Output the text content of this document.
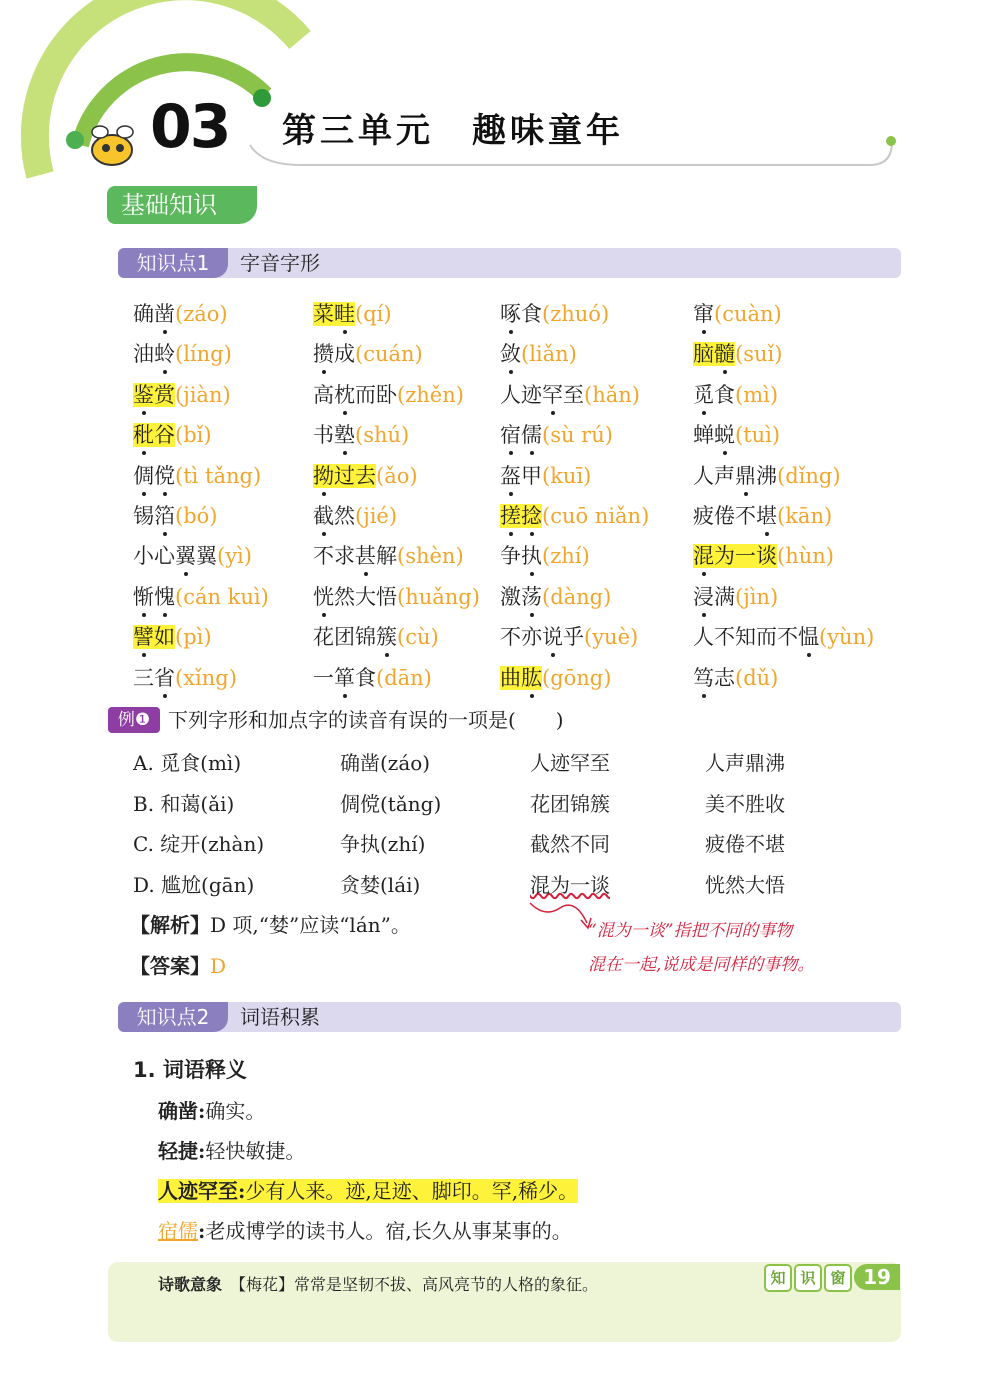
03 第三单元　趣味童年
基础知识
知识点1	字音字形
确凿(záo)	菜畦(qí)	啄食(zhuó)	窜(cuàn)
油蛉(líng)	攒成(cuán)	敛(liǎn)	脑髓(suǐ)
鉴赏(jiàn)	高枕而卧(zhěn) 人迹罕至(hǎn)	觅食(mì)
秕谷(bǐ)	书塾(shú)	宿儒(sù rú)	蝉蜕(tuì)
倜傥(tì tǎng) 拗过去(ǎo)	盔甲(kuī)	人声鼎沸(dǐng)
锡箔(bó)	截然(jié)	搓捻(cuō niǎn) 疲倦不堪(kān)
小心翼翼(yì)	不求甚解(shèn) 争执(zhí)	混为一谈(hùn)
惭愧(cán kuì) 恍然大悟(huǎng) 激荡(dàng)	浸满(jìn)
譬如(pì)	花团锦簇(cù)	不亦说乎(yuè)	人不知而不愠(yùn)
三省(xǐng)	一箪食(dān)	曲肱(gōng)	笃志(dǔ)
例❶ 下列字形和加点字的读音有误的一项是(　　)
A. 觅食(mì)	确凿(záo)	人迹罕至	人声鼎沸
B. 和蔼(ǎi)	倜傥(tǎng)	花团锦簇	美不胜收
C. 绽开(zhàn)	争执(zhí)	截然不同	疲倦不堪
D. 尴尬(gān)	贪婪(lái)	混为一谈	恍然大悟
【解析】D 项,“婪”应读“lán”。
【答案】D
“混为一谈”指把不同的事物
混在一起,说成是同样的事物。
知识点2	词语积累
1. 词语释义
确凿:确实。
轻捷:轻快敏捷。
人迹罕至:少有人来。迹,足迹、脚印。罕,稀少。
宿儒:老成博学的读书人。宿,长久从事某事的。
诗歌意象　 【梅花】常常是坚韧不拔、高风亮节的人格的象征。	知 识 窗 19
